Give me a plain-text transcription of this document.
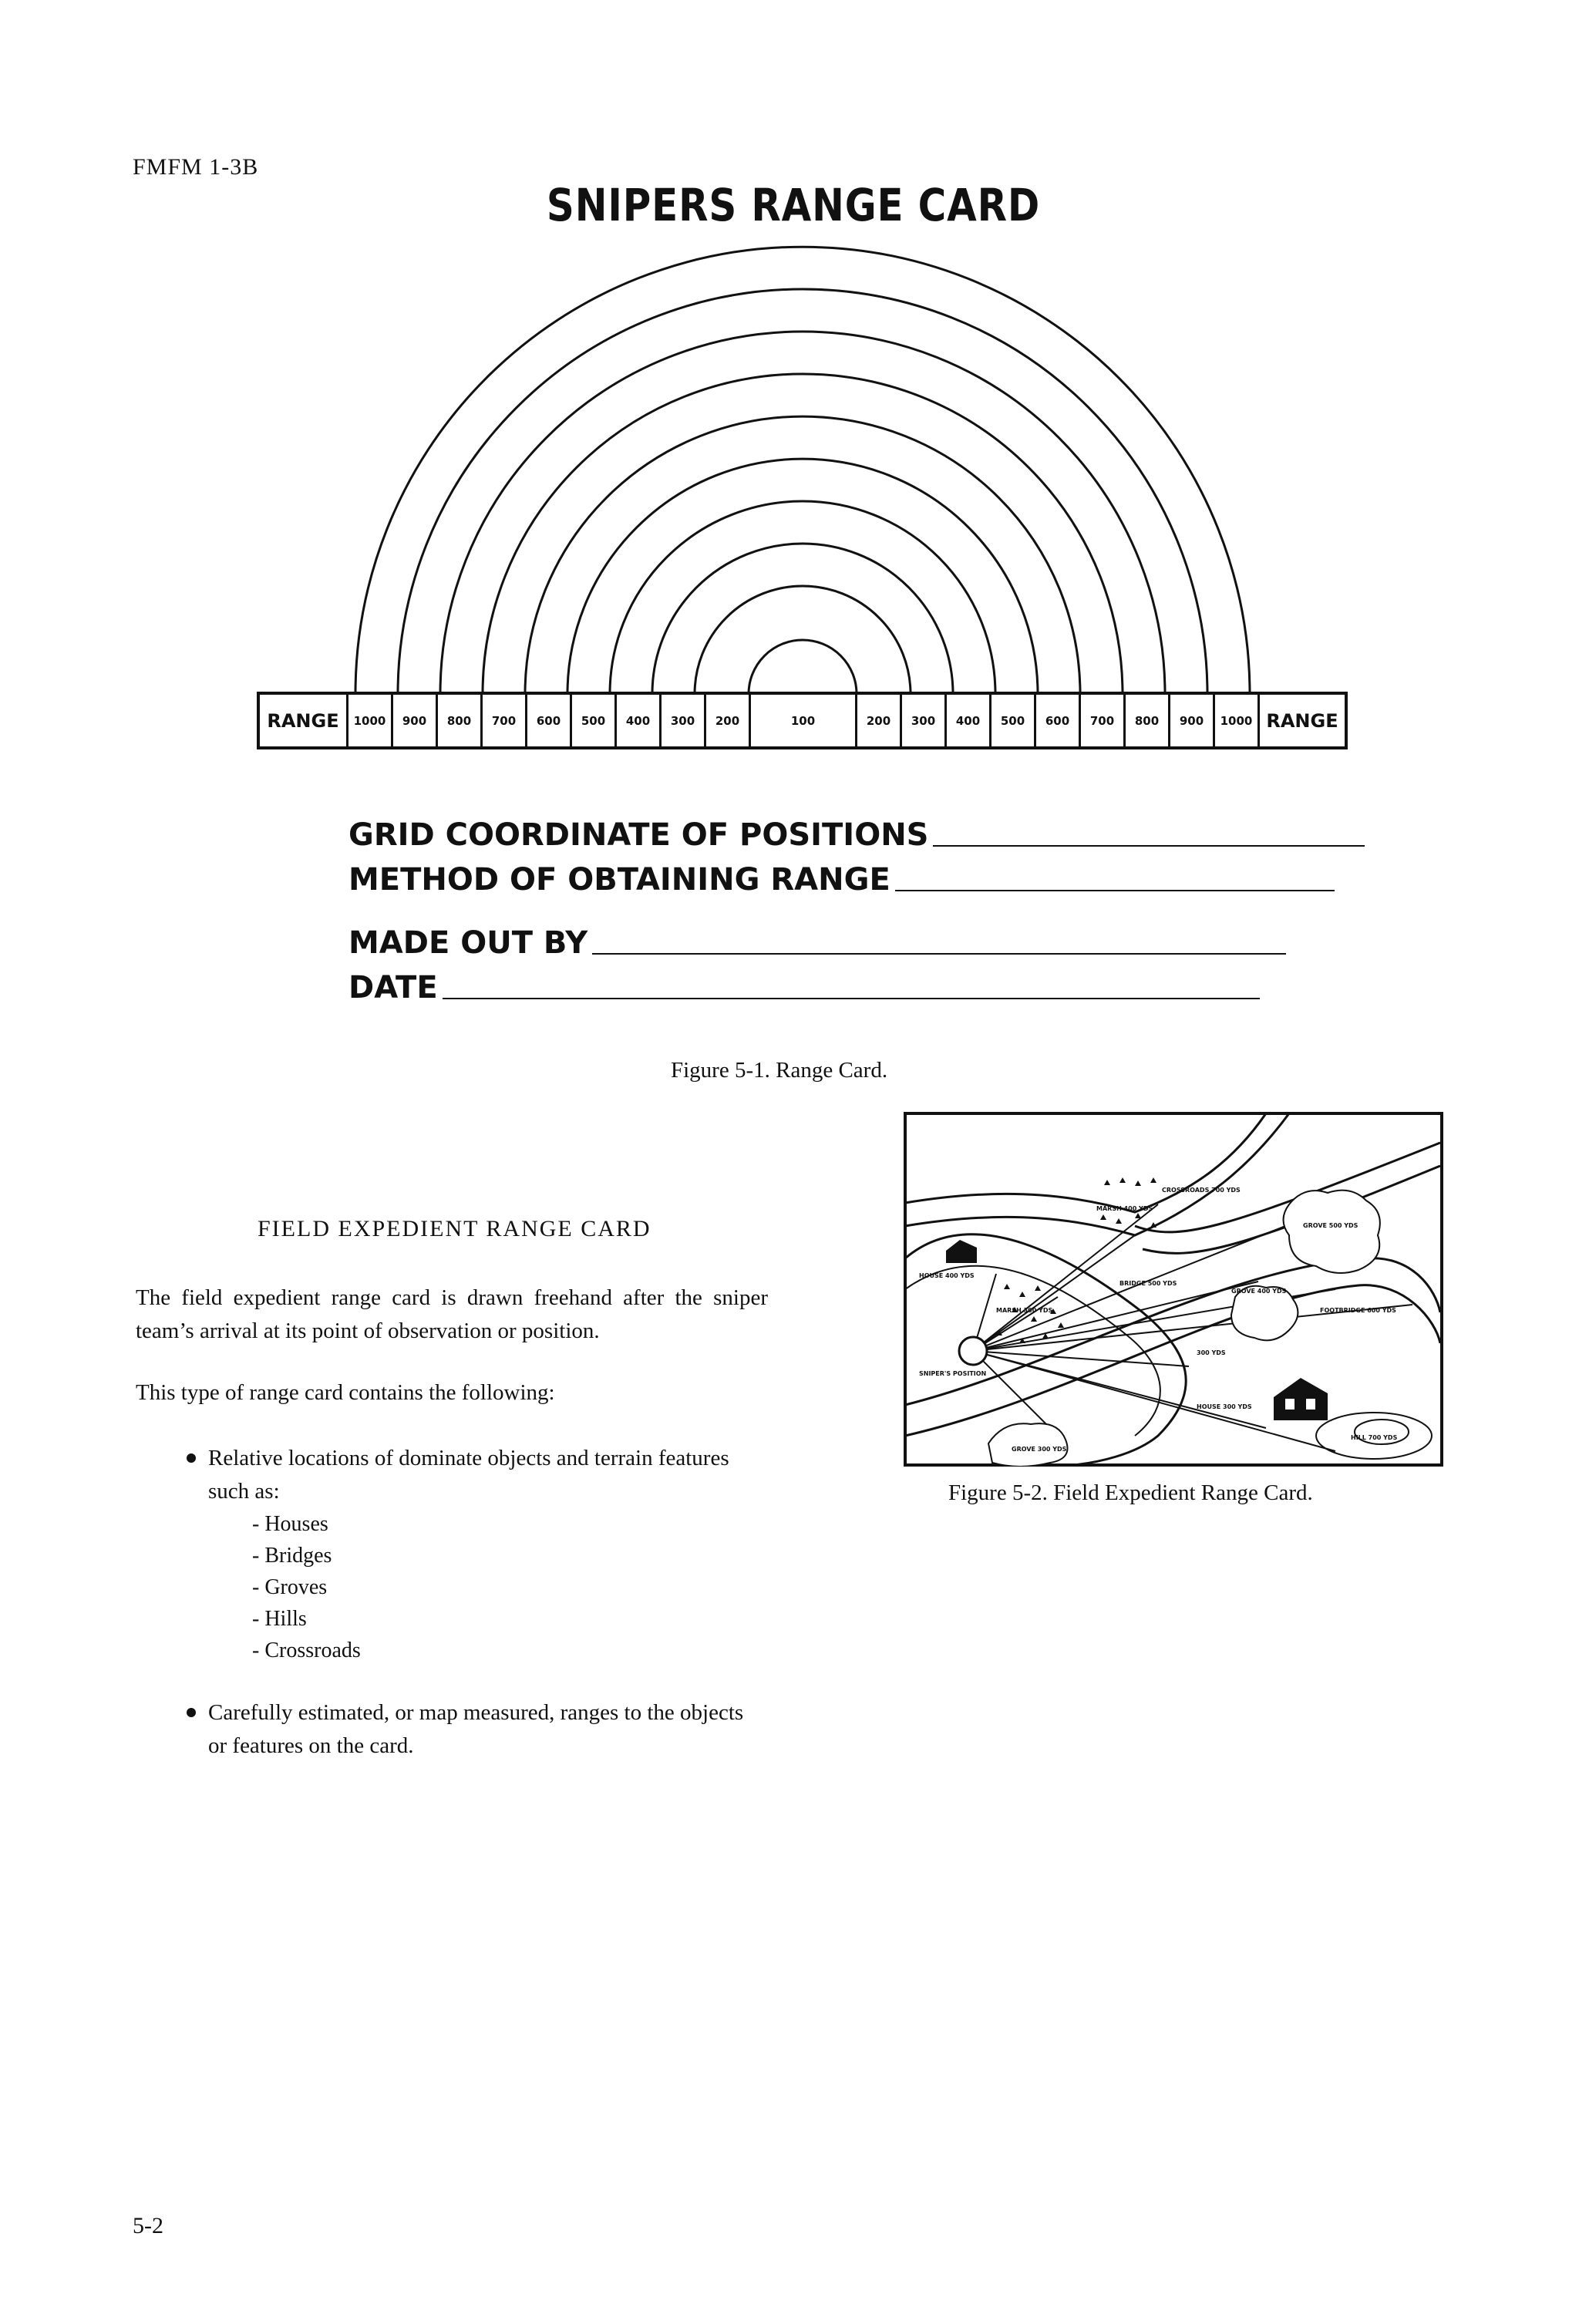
FMFM 1-3B
SNIPERS RANGE CARD
RANGE	1000	900	800	700	600	500	400	300	200	100	200	300	400	500	600	700	800	900	1000 RANGE
GRID COORDINATE OF POSITIONS
METHOD OF OBTAINING RANGE
MADE OUT BY
DATE
Figure 5-1. Range Card.
FIELD EXPEDIENT RANGE CARD
The field expedient range card is drawn freehand after the sniper team’s arrival at its point of observation or position.
This type of range card contains the following:
Relative locations of dominate objects and terrain features such as:
- Houses
- Bridges
- Groves
- Hills
- Crossroads
Carefully estimated, or map measured, ranges to the objects or features on the card.
CROSSROADS 700 YDS
MARSH 400 YDS
GROVE 500 YDS
HOUSE 400 YDS
BRIDGE 500 YDS
GROVE 400 YDS
MARSH 300 YDS	FOOTBRIDGE 600 YDS
300 YDS
SNIPER'S POSITION
HOUSE 300 YDS
HILL 700 YDS
GROVE 300 YDS
Figure 5-2. Field Expedient Range Card.
5-2
